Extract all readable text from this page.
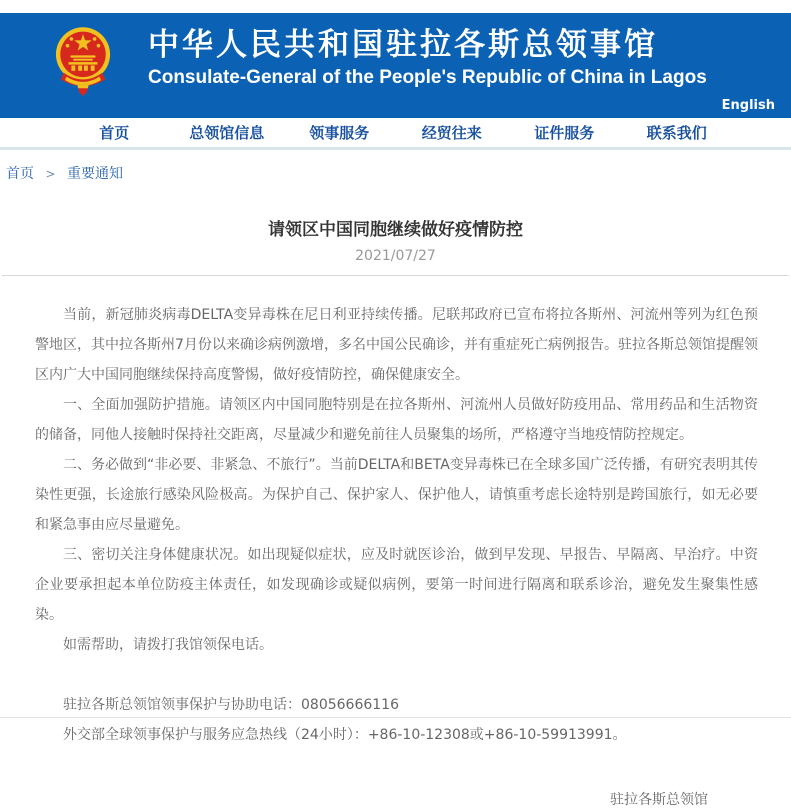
中华人民共和国驻拉各斯总领事馆
Consulate-General of the People's Republic of China in Lagos
English
首页	总领馆信息	领事服务	经贸往来	证件服务	联系我们
首页 > 重要通知
请领区中国同胞继续做好疫情防控
2021/07/27

当前，新冠肺炎病毒DELTA变异毒株在尼日利亚持续传播。尼联邦政府已宣布将拉各斯州、河流州等列为红色预警地区，其中拉各斯州7月份以来确诊病例激增，多名中国公民确诊，并有重症死亡病例报告。驻拉各斯总领馆提醒领区内广大中国同胞继续保持高度警惕，做好疫情防控，确保健康安全。

一、全面加强防护措施。请领区内中国同胞特别是在拉各斯州、河流州人员做好防疫用品、常用药品和生活物资的储备，同他人接触时保持社交距离，尽量减少和避免前往人员聚集的场所，严格遵守当地疫情防控规定。

二、务必做到“非必要、非紧急、不旅行”。当前DELTA和BETA变异毒株已在全球多国广泛传播，有研究表明其传染性更强，长途旅行感染风险极高。为保护自己、保护家人、保护他人，请慎重考虑长途特别是跨国旅行，如无必要和紧急事由应尽量避免。

三、密切关注身体健康状况。如出现疑似症状，应及时就医诊治，做到早发现、早报告、早隔离、早治疗。中资企业要承担起本单位防疫主体责任，如发现确诊或疑似病例，要第一时间进行隔离和联系诊治，避免发生聚集性感染。

如需帮助，请拨打我馆领保电话。

驻拉各斯总领馆领事保护与协助电话：08056666116

外交部全球领事保护与服务应急热线（24小时）：+86-10-12308或+86-10-59913991。

驻拉各斯总领馆
